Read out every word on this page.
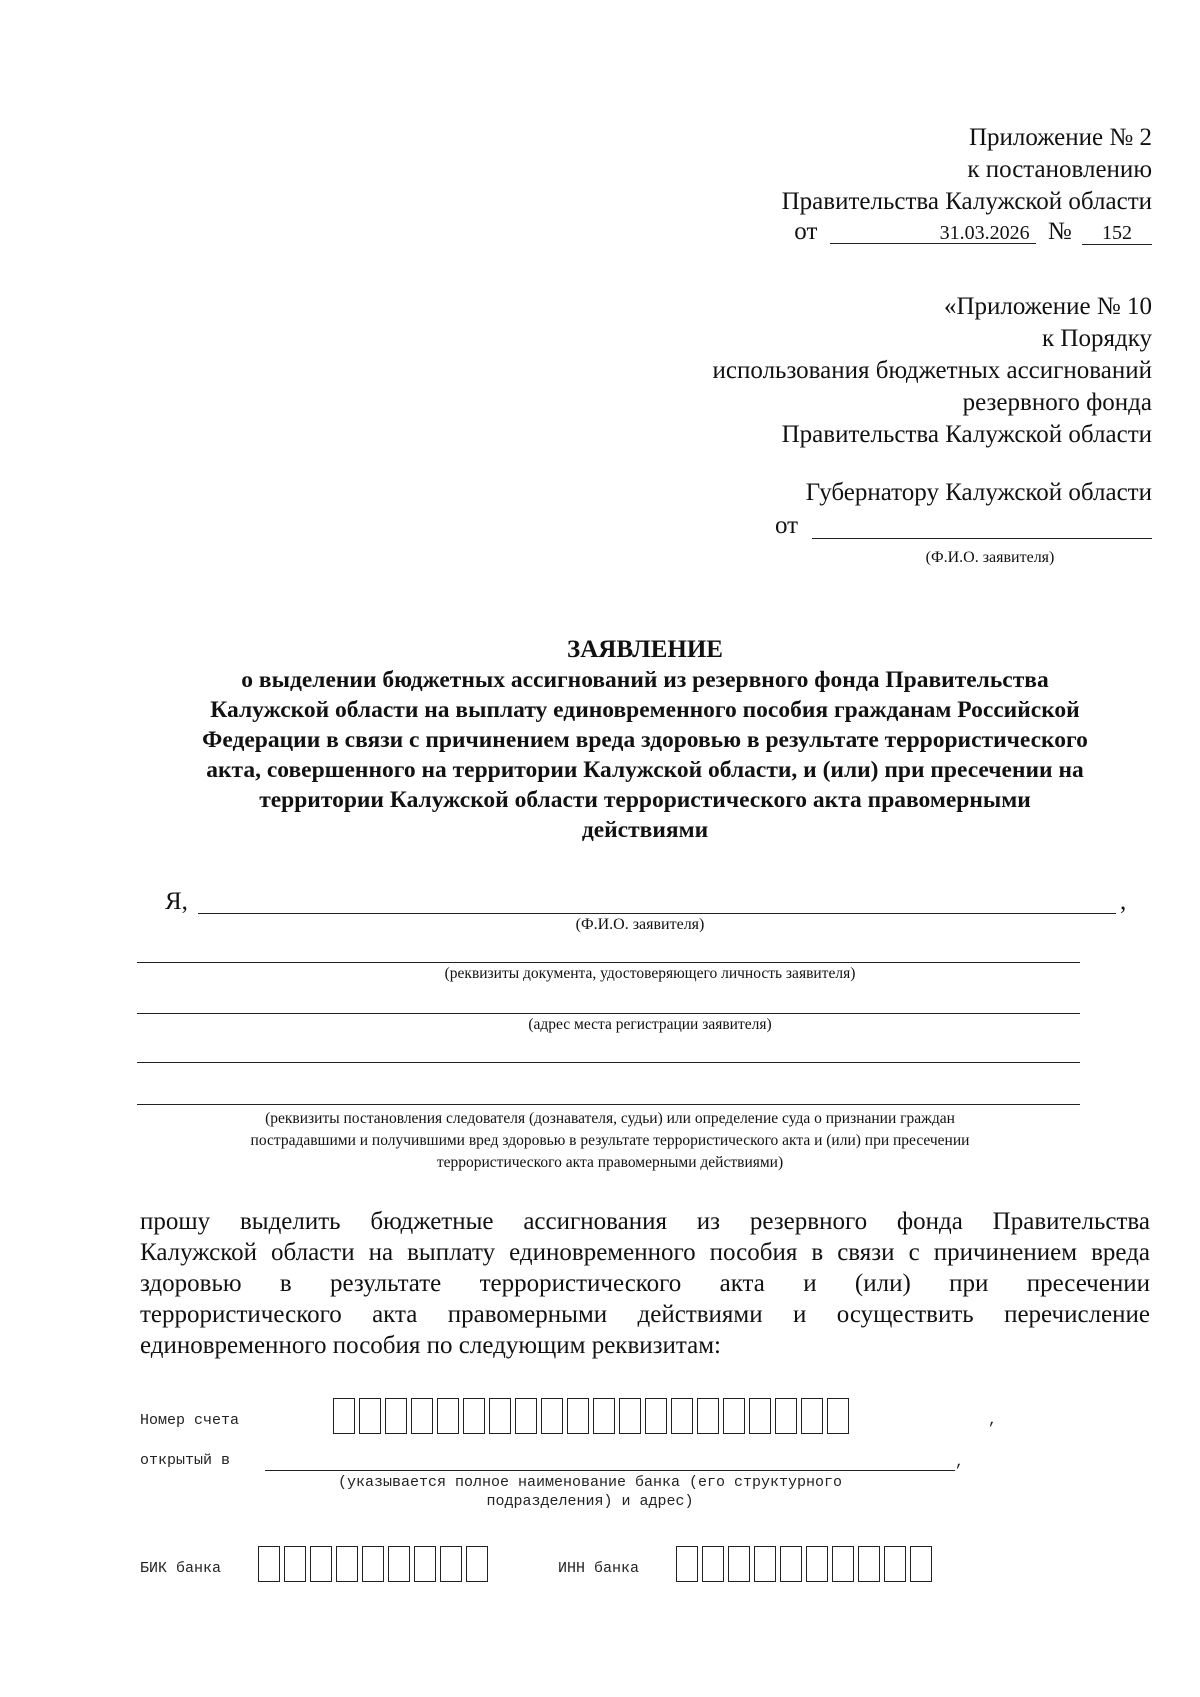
Приложение № 2
к постановлению
Правительства Калужской области
от	31.03.2026 № 152
«Приложение № 10
к Порядку
использования бюджетных ассигнований
резервного фонда
Правительства Калужской области
Губернатору Калужской области
от
(Ф.И.О. заявителя)
ЗАЯВЛЕНИЕ
о выделении бюджетных ассигнований из резервного фонда Правительства
Калужской области на выплату единовременного пособия гражданам Российской
Федерации в связи с причинением вреда здоровью в результате террористического
акта, совершенного на территории Калужской области, и (или) при пресечении на
территории Калужской области террористического акта правомерными
действиями
Я,	,
(Ф.И.О. заявителя)
(реквизиты документа, удостоверяющего личность заявителя)
(адрес места регистрации заявителя)
(реквизиты постановления следователя (дознавателя, судьи) или определение суда о признании граждан
пострадавшими и получившими вред здоровью в результате террористического акта и (или) при пресечении
террористического акта правомерными действиями)
прошу выделить бюджетные ассигнования из резервного фонда Правительства
Калужской области на выплату единовременного пособия в связи с причинением вреда
здоровью в результате террористического акта и (или) при пресечении
террористического акта правомерными действиями и осуществить перечисление
единовременного пособия по следующим реквизитам:
Номер счета	,
открытый в	,
(указывается полное наименование банка (его структурного
подразделения) и адрес)
БИК банка	ИНН банка
